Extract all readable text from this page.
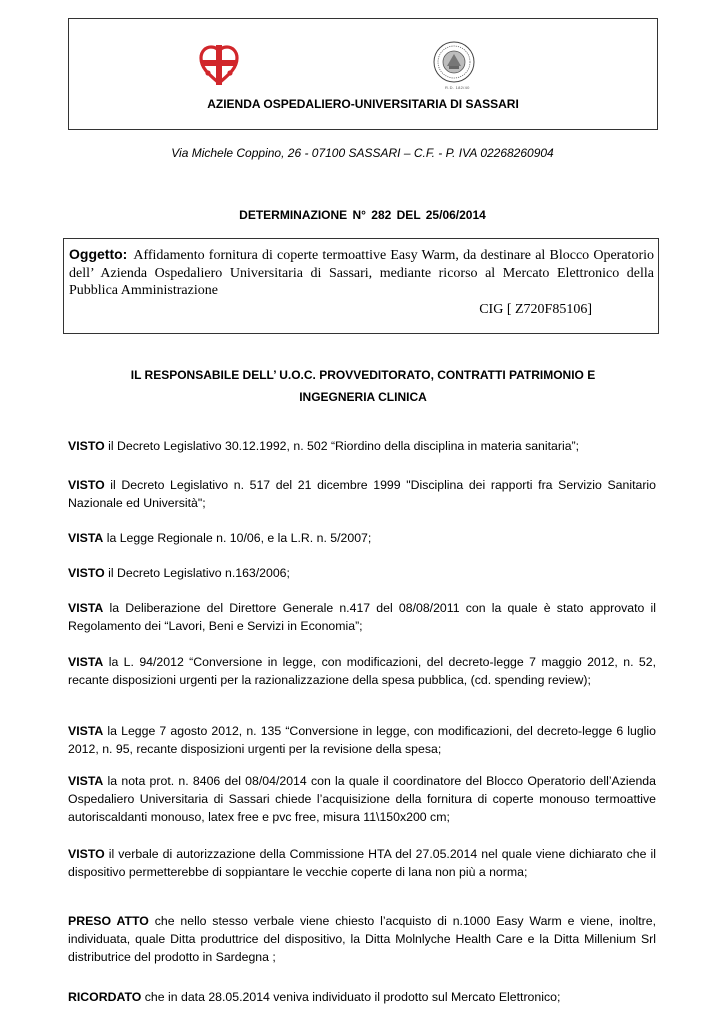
R.D. 182/40
AZIENDA OSPEDALIERO-UNIVERSITARIA DI SASSARI
Via Michele Coppino, 26 - 07100 SASSARI – C.F. - P. IVA 02268260904
DETERMINAZIONE N° 282 DEL 25/06/2014

Oggetto: Affidamento fornitura di coperte termoattive Easy Warm, da destinare al Blocco Operatorio dell’ Azienda Ospedaliero Universitaria di Sassari, mediante ricorso al Mercato Elettronico della Pubblica Amministrazione

CIG [ Z720F85106]
IL RESPONSABILE DELL’ U.O.C. PROVVEDITORATO, CONTRATTI PATRIMONIO E
INGEGNERIA CLINICA

VISTO il Decreto Legislativo 30.12.1992, n. 502 “Riordino della disciplina in materia sanitaria”;

VISTO il Decreto Legislativo n. 517 del 21 dicembre 1999 "Disciplina dei rapporti fra Servizio Sanitario Nazionale ed Università";

VISTA la Legge Regionale n. 10/06, e la L.R. n. 5/2007;

VISTO il Decreto Legislativo n.163/2006;

VISTA la Deliberazione del Direttore Generale n.417 del 08/08/2011 con la quale è stato approvato il Regolamento dei “Lavori, Beni e Servizi in Economia”;

VISTA la L. 94/2012 “Conversione in legge, con modificazioni, del decreto-legge 7 maggio 2012, n. 52, recante disposizioni urgenti per la razionalizzazione della spesa pubblica, (cd. spending review);

VISTA la Legge 7 agosto 2012, n. 135 “Conversione in legge, con modificazioni, del decreto-legge 6 luglio 2012, n. 95, recante disposizioni urgenti per la revisione della spesa;

VISTA la nota prot. n. 8406 del 08/04/2014 con la quale il coordinatore del Blocco Operatorio dell’Azienda Ospedaliero Universitaria di Sassari chiede l’acquisizione della fornitura di coperte monouso termoattive autoriscaldanti monouso, latex free e pvc free, misura 11\150x200 cm;

VISTO il verbale di autorizzazione della Commissione HTA del 27.05.2014 nel quale viene dichiarato che il dispositivo permetterebbe di soppiantare le vecchie coperte di lana non più a norma;

PRESO ATTO che nello stesso verbale viene chiesto l’acquisto di n.1000 Easy Warm e viene, inoltre, individuata, quale Ditta produttrice del dispositivo, la Ditta Molnlyche Health Care e la Ditta Millenium Srl distributrice del prodotto in Sardegna ;

RICORDATO che in data 28.05.2014 veniva individuato il prodotto sul Mercato Elettronico;
